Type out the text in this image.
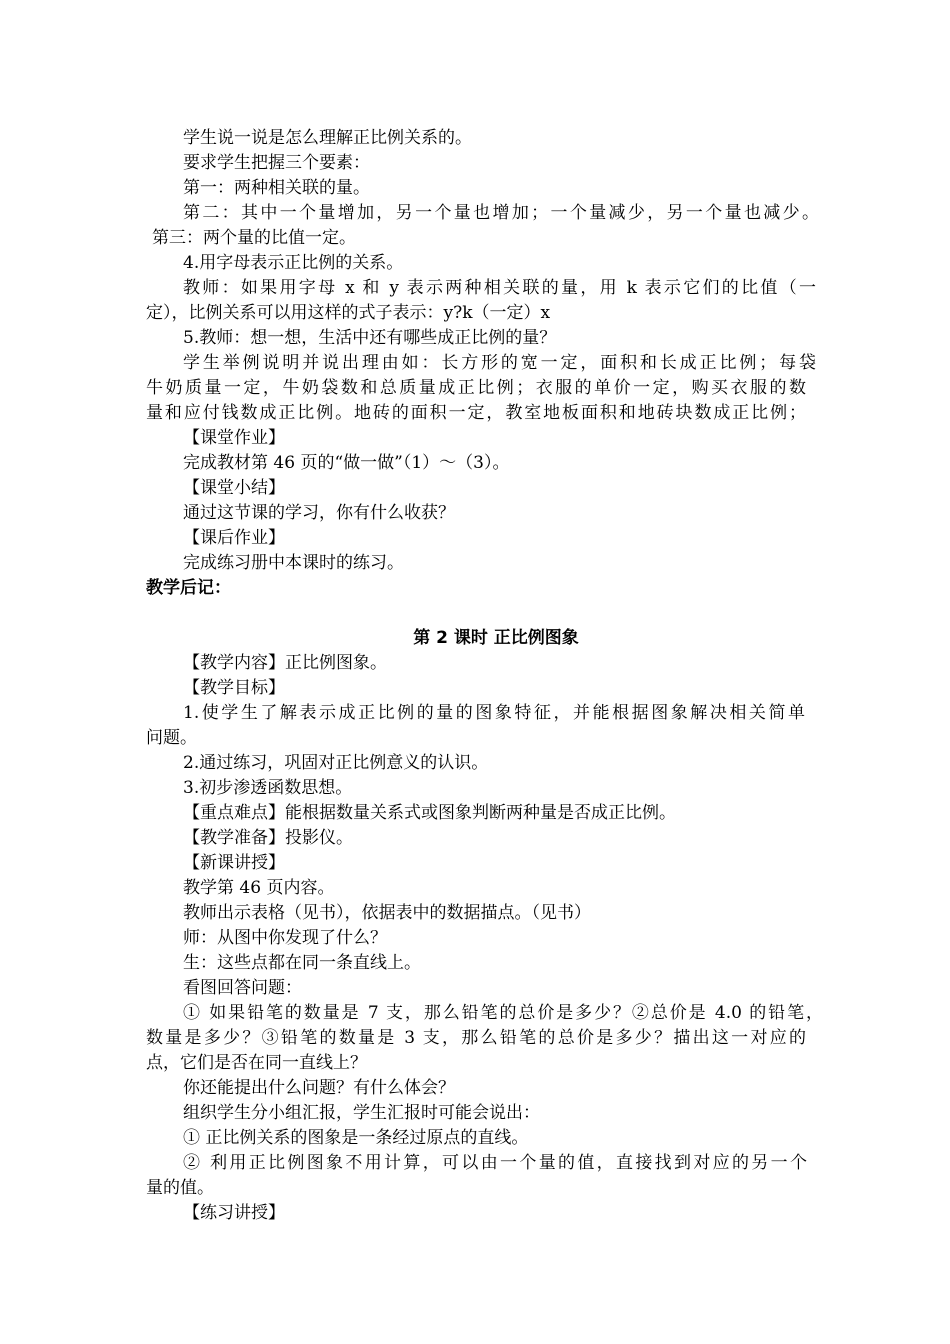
学生说一说是怎么理解正比例关系的。
要求学生把握三个要素：
第一：两种相关联的量。
第二：其中一个量增加，另一个量也增加；一个量减少，另一个量也减少。
第三：两个量的比值一定。
4.用字母表示正比例的关系。
教师：如果用字母 x 和 y 表示两种相关联的量，用 k 表示它们的比值（一
定），比例关系可以用这样的式子表示：y?k（一定）x
5.教师：想一想，生活中还有哪些成正比例的量？
学生举例说明并说出理由如：长方形的宽一定，面积和长成正比例；每袋
牛奶质量一定，牛奶袋数和总质量成正比例；衣服的单价一定，购买衣服的数
量和应付钱数成正比例。地砖的面积一定，教室地板面积和地砖块数成正比例；
【课堂作业】
完成教材第 46 页的“做一做”（1）～（3）。
【课堂小结】
通过这节课的学习，你有什么收获？
【课后作业】
完成练习册中本课时的练习。
教学后记：
第 2 课时 正比例图象
【教学内容】正比例图象。
【教学目标】
1.使学生了解表示成正比例的量的图象特征，并能根据图象解决相关简单
问题。
2.通过练习，巩固对正比例意义的认识。
3.初步渗透函数思想。
【重点难点】能根据数量关系式或图象判断两种量是否成正比例。
【教学准备】投影仪。
【新课讲授】
教学第 46 页内容。
教师出示表格（见书），依据表中的数据描点。（见书）
师：从图中你发现了什么？
生：这些点都在同一条直线上。
看图回答问题：
① 如果铅笔的数量是 7 支，那么铅笔的总价是多少？②总价是 4.0 的铅笔，
数量是多少？③铅笔的数量是 3 支，那么铅笔的总价是多少？描出这一对应的
点，它们是否在同一直线上？
你还能提出什么问题？有什么体会？
组织学生分小组汇报，学生汇报时可能会说出：
① 正比例关系的图象是一条经过原点的直线。
② 利用正比例图象不用计算，可以由一个量的值，直接找到对应的另一个
量的值。
【练习讲授】
